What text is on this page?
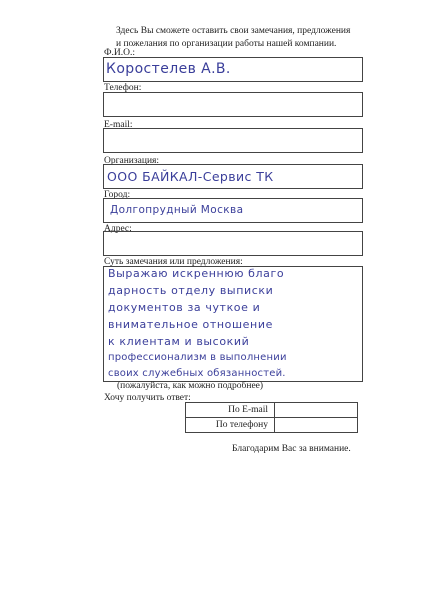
Здесь Вы сможете оставить свои замечания, предложения
и пожелания по организации работы нашей компании.
Ф.И.О.:
Коростелев А.В.
Телефон:
E-mail:
Организация:
ООО БАЙКАЛ-Сервис ТК
Город:
Долгопрудный Москва
Адрес:
Суть замечания или предложения:
Выражаю искреннюю благо
дарность отделу выписки
документов за чуткое и
внимательное отношение
к клиентам и высокий
профессионализм в выполнении
своих служебных обязанностей.
(пожалуйста, как можно подробнее)
Хочу получить ответ:
По E-mail	
По телефону	
Благодарим Вас за внимание.
